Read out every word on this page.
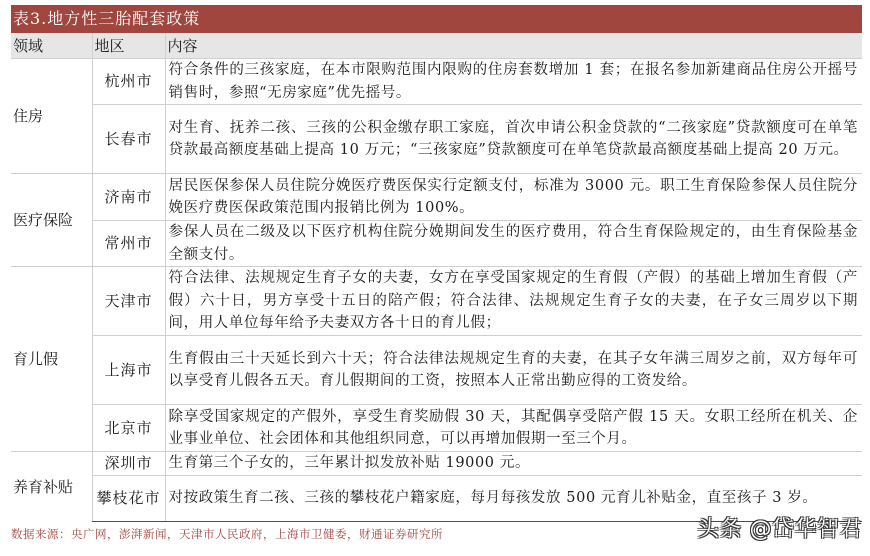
表3.地方性三胎配套政策
领域	地区	内容
住房	杭州市	符合条件的三孩家庭，在本市限购范围内限购的住房套数增加 1 套；在报名参加新建商品住房公开摇号销售时，参照“无房家庭”优先摇号。
	长春市	对生育、抚养二孩、三孩的公积金缴存职工家庭，首次申请公积金贷款的“二孩家庭”贷款额度可在单笔贷款最高额度基础上提高 10 万元；“三孩家庭”贷款额度可在单笔贷款最高额度基础上提高 20 万元。
医疗保险	济南市	居民医保参保人员住院分娩医疗费医保实行定额支付，标准为 3000 元。职工生育保险参保人员住院分娩医疗费医保政策范围内报销比例为 100%。
	常州市	参保人员在二级及以下医疗机构住院分娩期间发生的医疗费用，符合生育保险规定的，由生育保险基金全额支付。
育儿假	天津市	符合法律、法规规定生育子女的夫妻，女方在享受国家规定的生育假（产假）的基础上增加生育假（产假）六十日，男方享受十五日的陪产假；符合法律、法规规定生育子女的夫妻，在子女三周岁以下期间，用人单位每年给予夫妻双方各十日的育儿假；
	上海市	生育假由三十天延长到六十天；符合法律法规规定生育的夫妻，在其子女年满三周岁之前，双方每年可以享受育儿假各五天。育儿假期间的工资，按照本人正常出勤应得的工资发给。
	北京市	除享受国家规定的产假外，享受生育奖励假 30 天，其配偶享受陪产假 15 天。女职工经所在机关、企业事业单位、社会团体和其他组织同意，可以再增加假期一至三个月。
养育补贴	深圳市	生育第三个子女的，三年累计拟发放补贴 19000 元。
	攀枝花市	对按政策生育二孩、三孩的攀枝花户籍家庭，每月每孩发放 500 元育儿补贴金，直至孩子 3 岁。
数据来源：央广网，澎湃新闻，天津市人民政府，上海市卫健委，财通证券研究所	头条 @岱华智君
